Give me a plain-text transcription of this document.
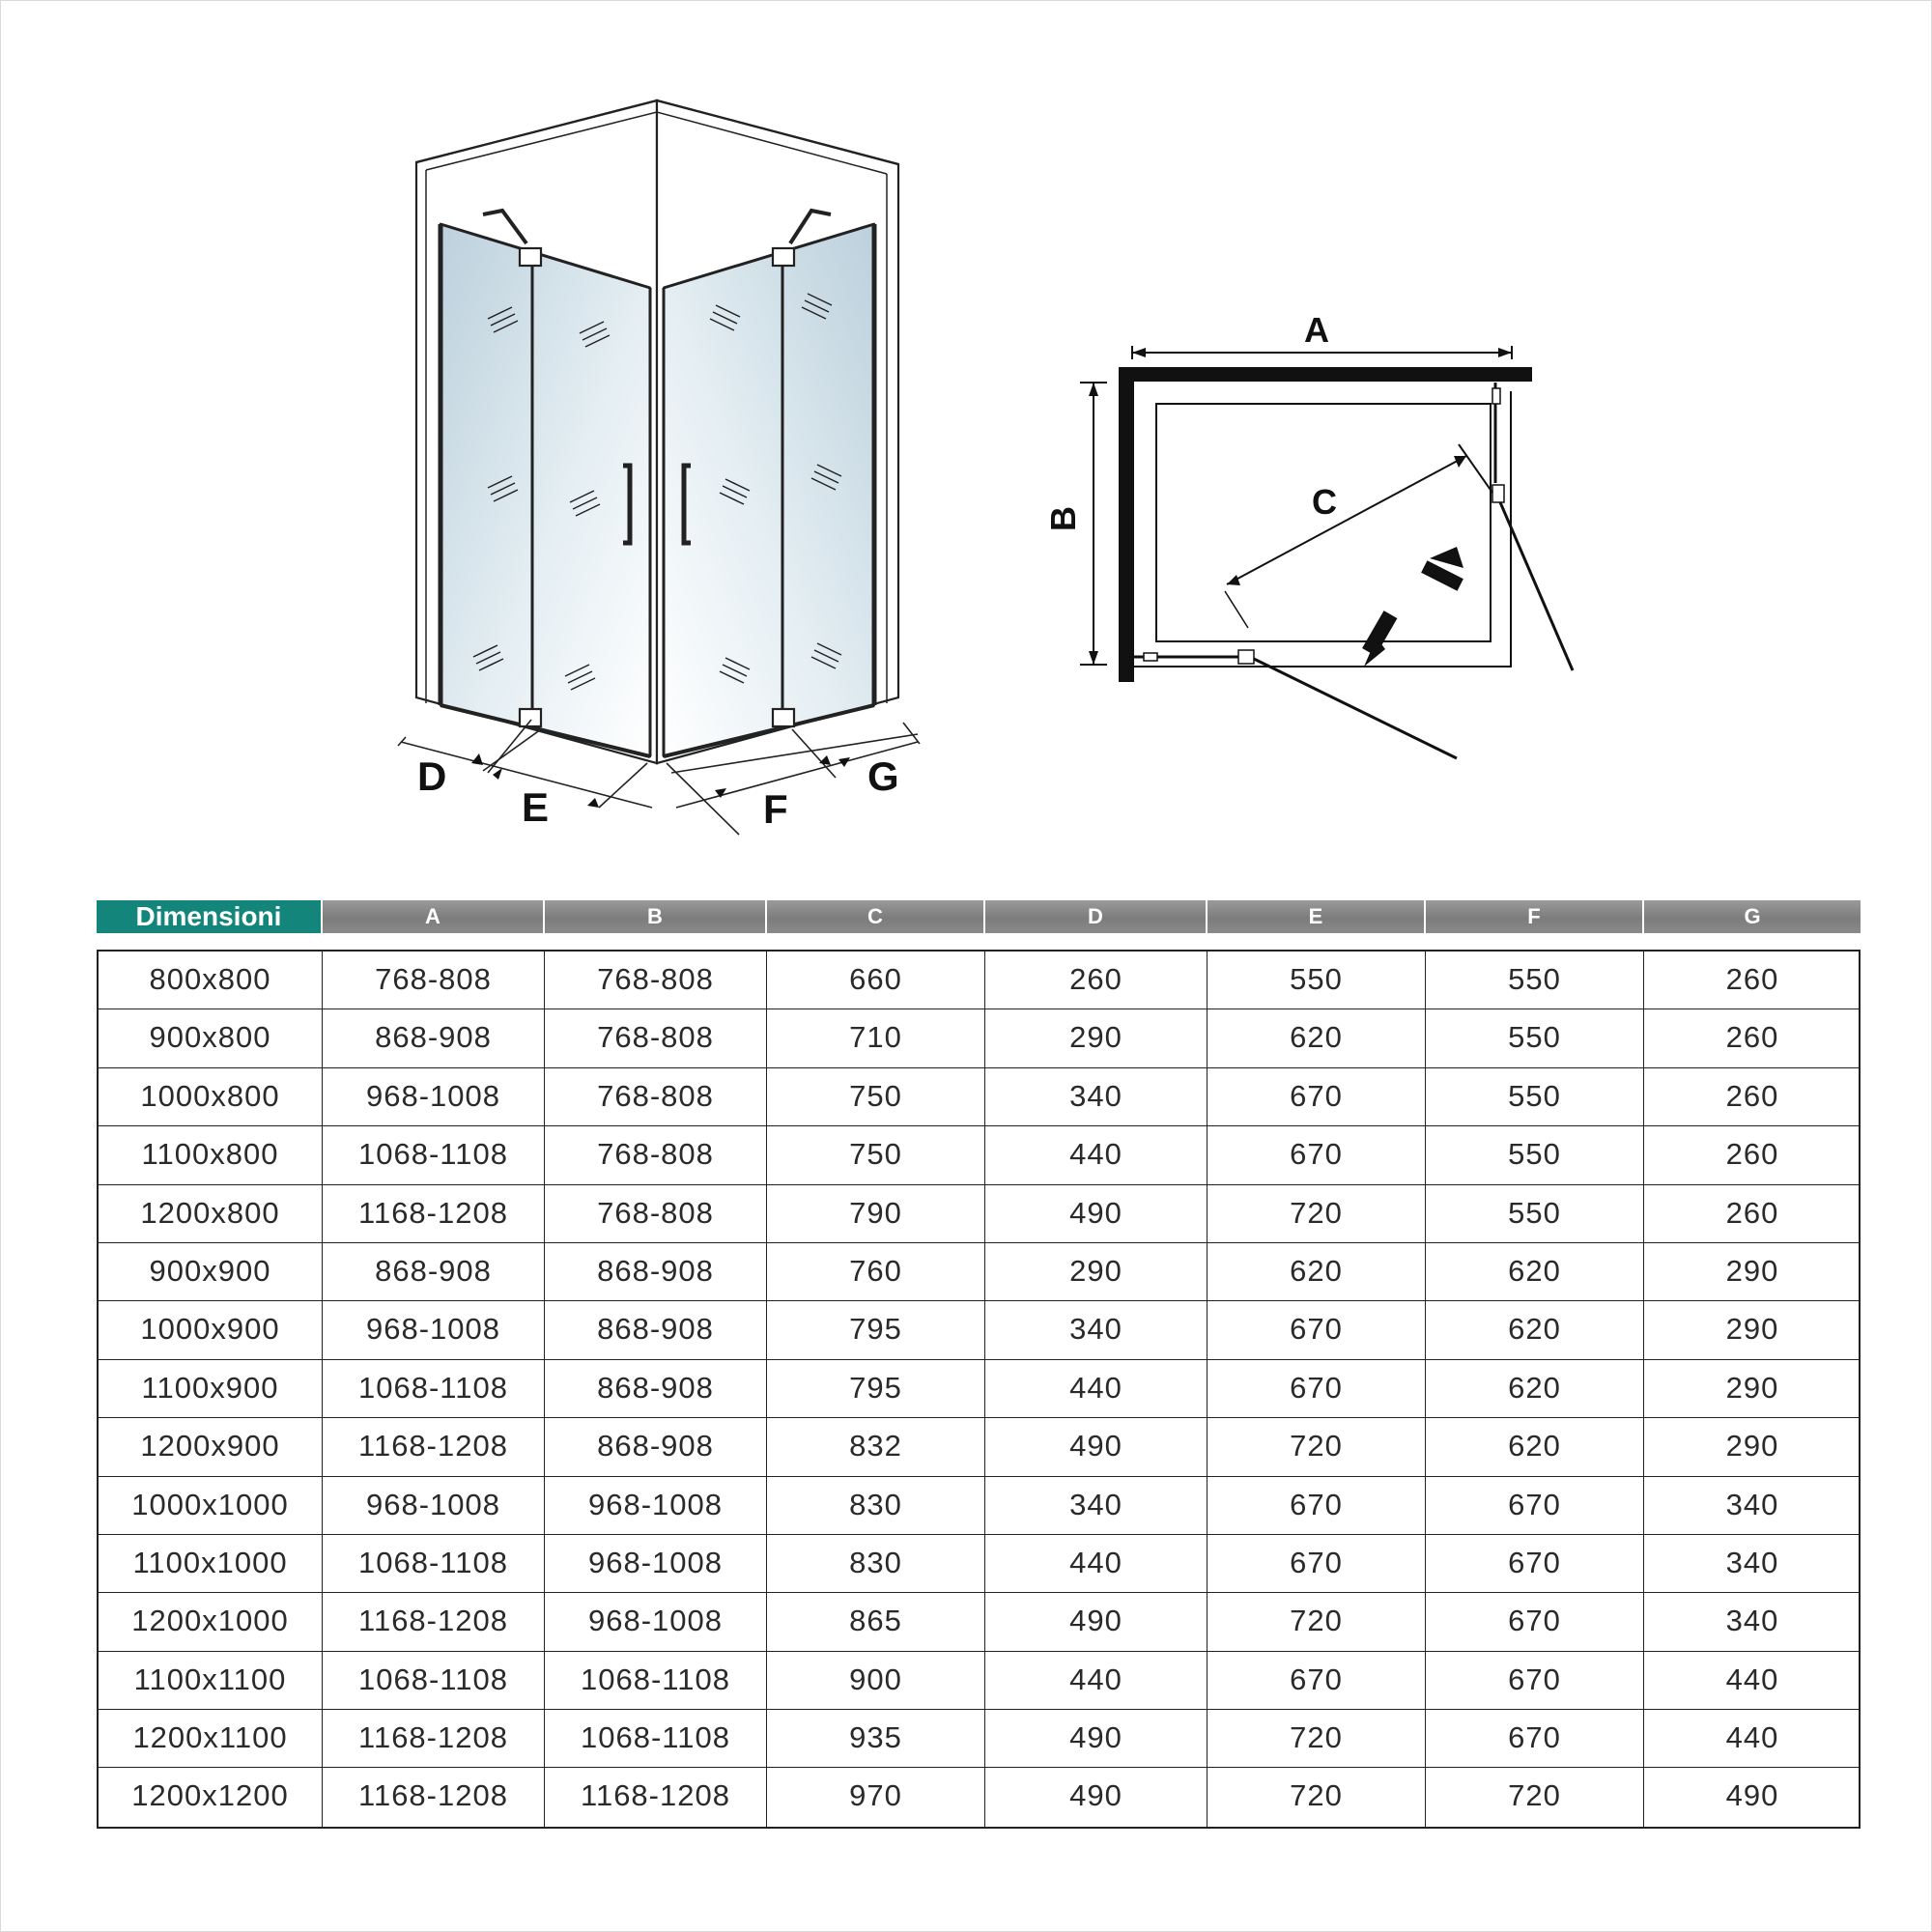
D
E	F
G
A
B	C
Dimensioni	A	B	C	D	E	F	G
800x800	768-808	768-808	660	260	550	550	260
900x800	868-908	768-808	710	290	620	550	260
1000x800	968-1008	768-808	750	340	670	550	260
1100x800	1068-1108	768-808	750	440	670	550	260
1200x800	1168-1208	768-808	790	490	720	550	260
900x900	868-908	868-908	760	290	620	620	290
1000x900	968-1008	868-908	795	340	670	620	290
1100x900	1068-1108	868-908	795	440	670	620	290
1200x900	1168-1208	868-908	832	490	720	620	290
1000x1000	968-1008	968-1008	830	340	670	670	340
1100x1000	1068-1108	968-1008	830	440	670	670	340
1200x1000	1168-1208	968-1008	865	490	720	670	340
1100x1100	1068-1108	1068-1108	900	440	670	670	440
1200x1100	1168-1208	1068-1108	935	490	720	670	440
1200x1200	1168-1208	1168-1208	970	490	720	720	490
